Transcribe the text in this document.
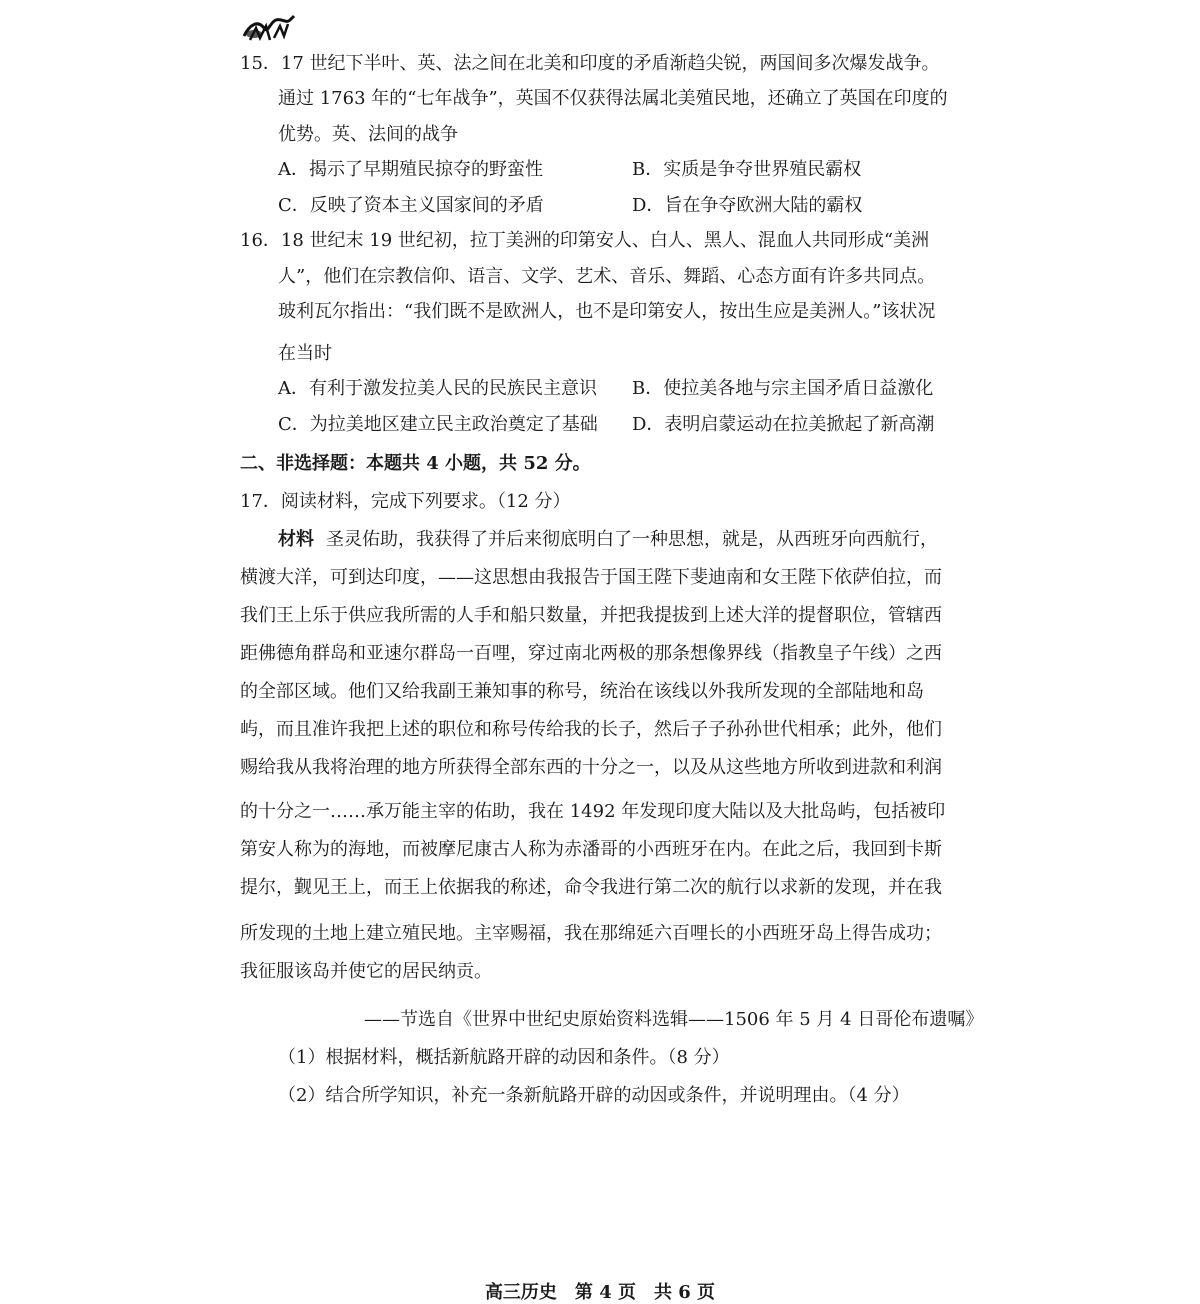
15．17 世纪下半叶、英、法之间在北美和印度的矛盾渐趋尖锐，两国间多次爆发战争。
通过 1763 年的“七年战争”，英国不仅获得法属北美殖民地，还确立了英国在印度的
优势。英、法间的战争
A．揭示了早期殖民掠夺的野蛮性	B．实质是争夺世界殖民霸权
C．反映了资本主义国家间的矛盾	D．旨在争夺欧洲大陆的霸权
16．18 世纪末 19 世纪初，拉丁美洲的印第安人、白人、黑人、混血人共同形成“美洲
人”，他们在宗教信仰、语言、文学、艺术、音乐、舞蹈、心态方面有许多共同点。
玻利瓦尔指出：“我们既不是欧洲人，也不是印第安人，按出生应是美洲人。”该状况
在当时
A．有利于激发拉美人民的民族民主意识 B．使拉美各地与宗主国矛盾日益激化
C．为拉美地区建立民主政治奠定了基础 D．表明启蒙运动在拉美掀起了新高潮
二、非选择题：本题共 4 小题，共 52 分。
17．阅读材料，完成下列要求。（12 分）
材料 圣灵佑助，我获得了并后来彻底明白了一种思想，就是，从西班牙向西航行，
横渡大洋，可到达印度，——这思想由我报告于国王陛下斐迪南和女王陛下依萨伯拉，而
我们王上乐于供应我所需的人手和船只数量，并把我提拔到上述大洋的提督职位，管辖西
距佛德角群岛和亚速尔群岛一百哩，穿过南北两极的那条想像界线（指教皇子午线）之西
的全部区域。他们又给我副王兼知事的称号，统治在该线以外我所发现的全部陆地和岛
屿，而且准许我把上述的职位和称号传给我的长子，然后子子孙孙世代相承；此外，他们
赐给我从我将治理的地方所获得全部东西的十分之一，以及从这些地方所收到进款和利润
的十分之一……承万能主宰的佑助，我在 1492 年发现印度大陆以及大批岛屿，包括被印
第安人称为的海地，而被摩尼康古人称为赤潘哥的小西班牙在内。在此之后，我回到卡斯
提尔，觐见王上，而王上依据我的称述，命令我进行第二次的航行以求新的发现，并在我
所发现的土地上建立殖民地。主宰赐福，我在那绵延六百哩长的小西班牙岛上得告成功；
我征服该岛并使它的居民纳贡。
——节选自《世界中世纪史原始资料选辑——1506 年 5 月 4 日哥伦布遗嘱》
（1）根据材料，概括新航路开辟的动因和条件。（8 分）
（2）结合所学知识，补充一条新航路开辟的动因或条件，并说明理由。（4 分）
高三历史　第 4 页　共 6 页
